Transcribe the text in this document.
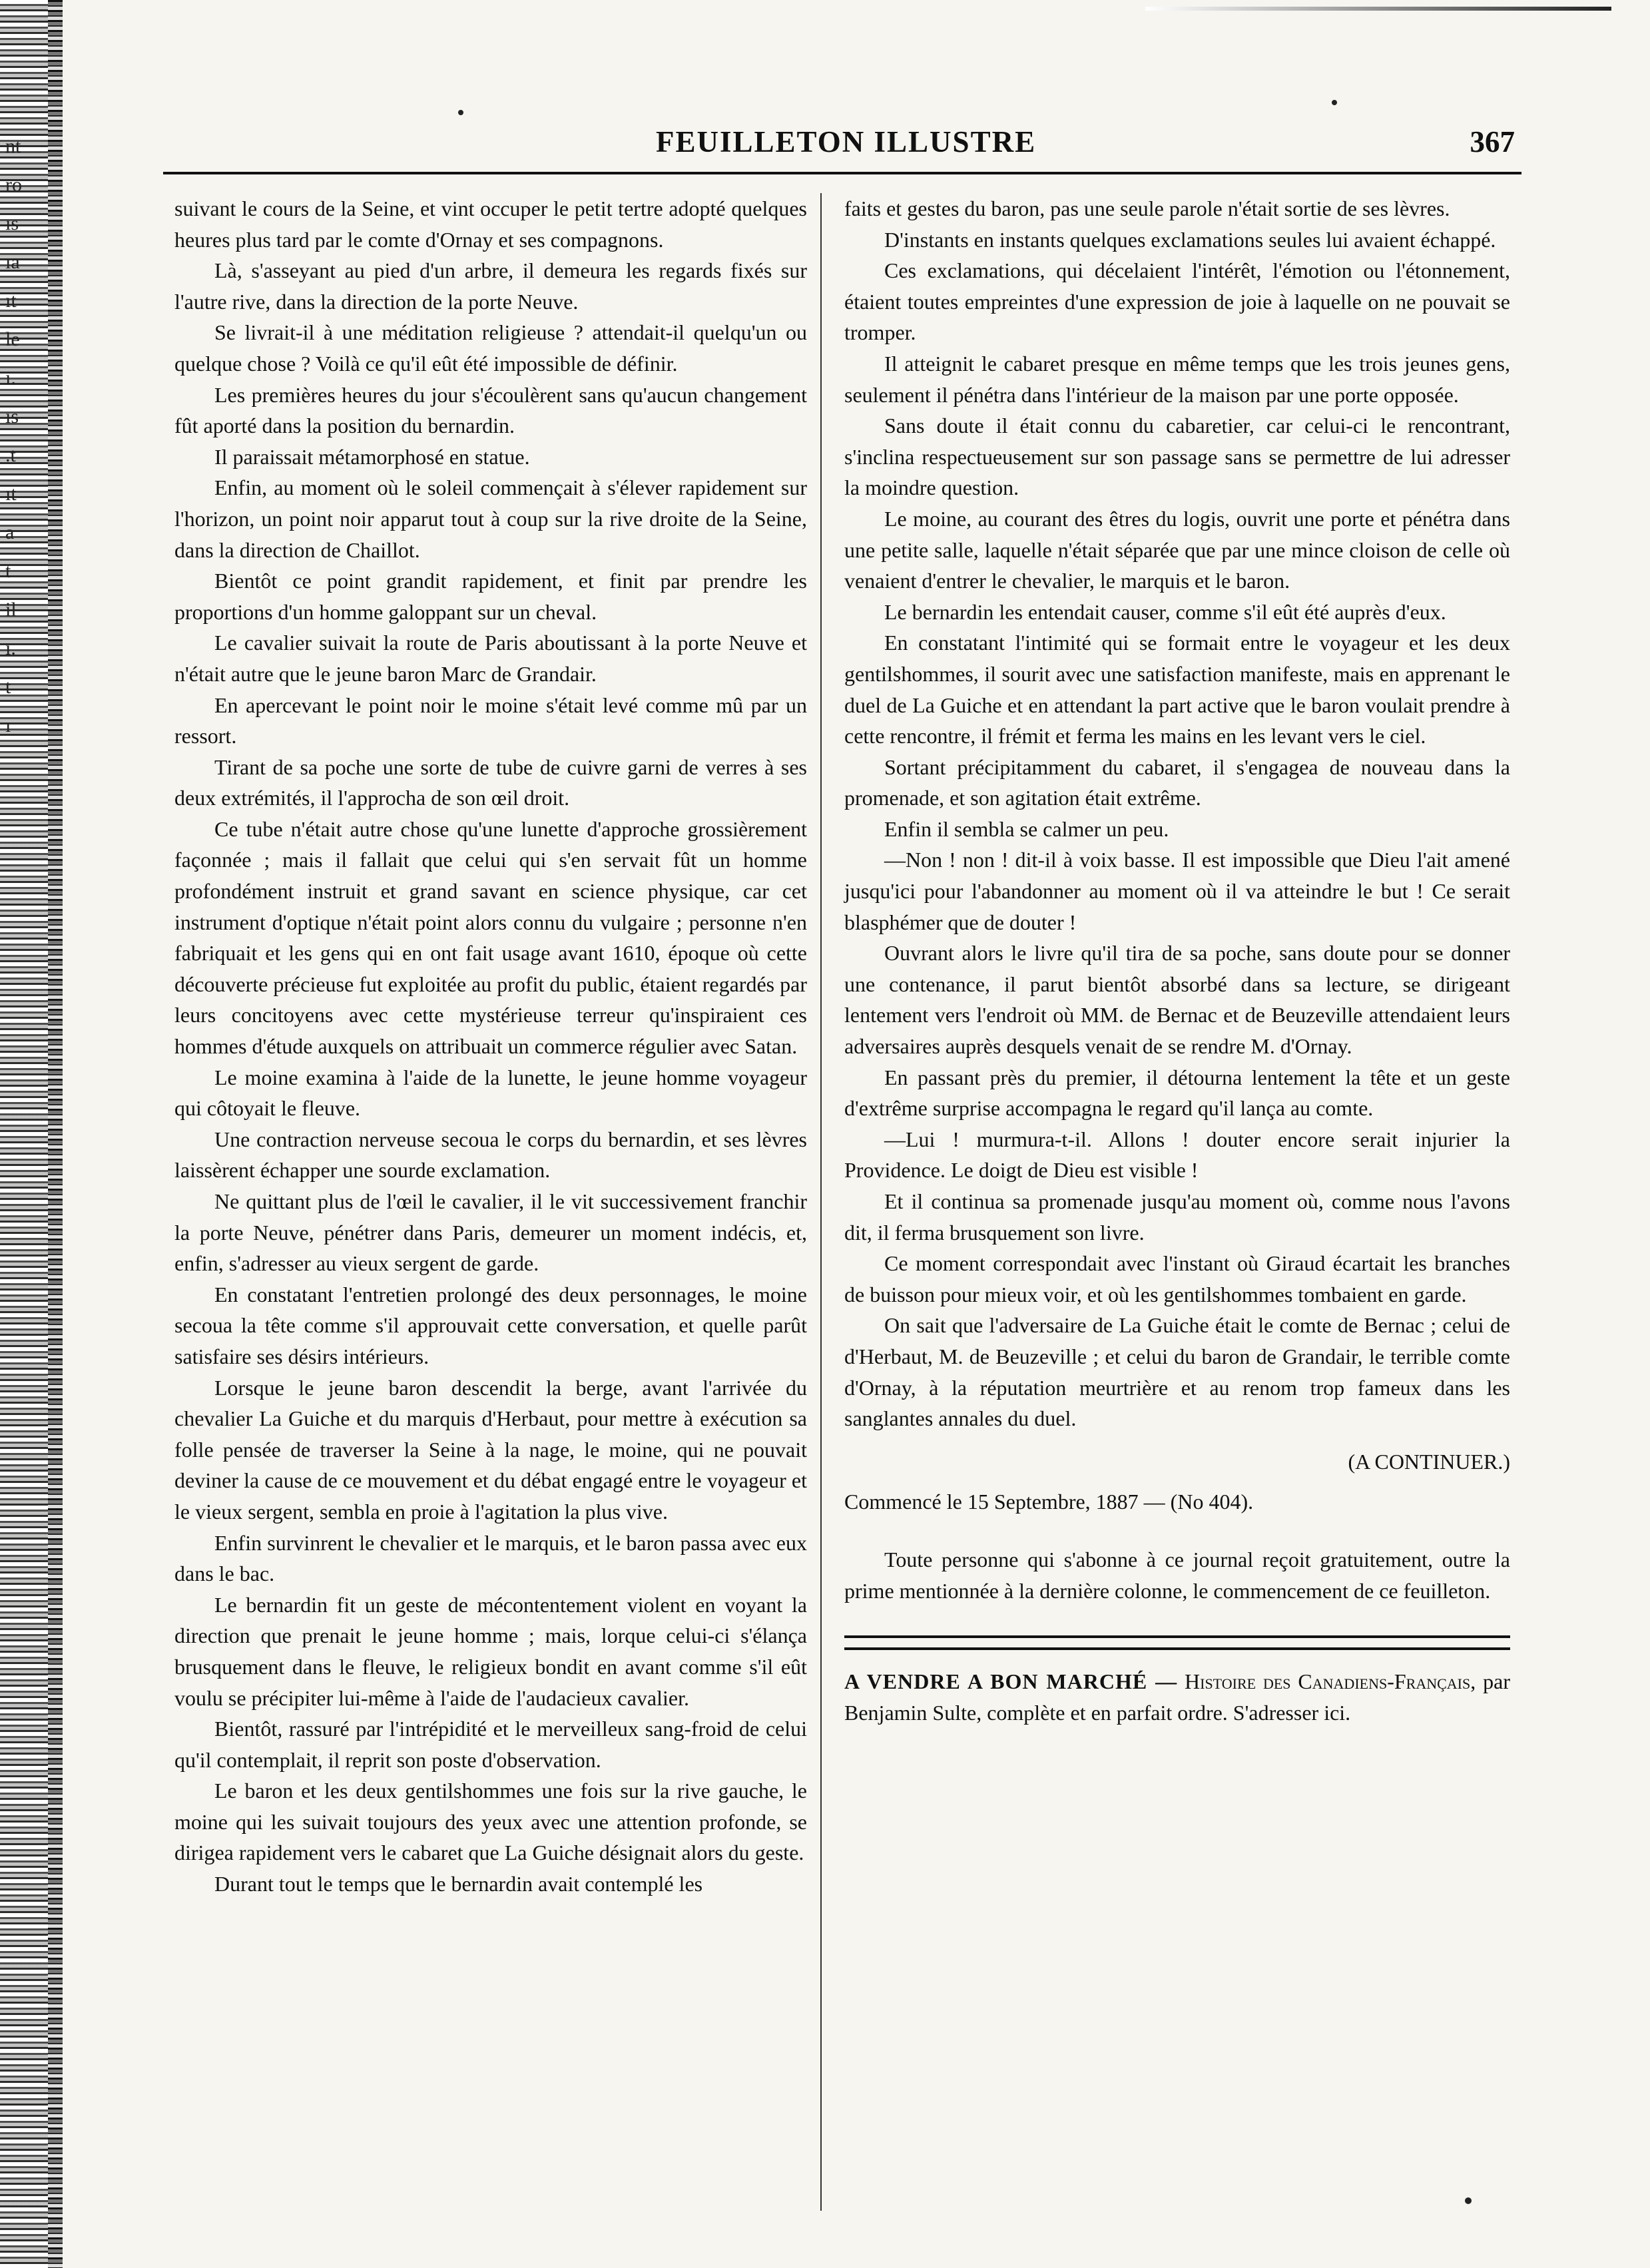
nt
ro
ıs
ıa
ıt
le
ı.
ıs
.t
ıt
a
t
il
ı.
t
ı
FEUILLETON ILLUSTRE	367

suivant le cours de la Seine, et vint occuper le petit tertre adopté quelques heures plus tard par le comte d'Ornay et ses compagnons.

Là, s'asseyant au pied d'un arbre, il demeura les regards fixés sur l'autre rive, dans la direction de la porte Neuve.

Se livrait-il à une méditation religieuse ? attendait-il quelqu'un ou quelque chose ? Voilà ce qu'il eût été impossible de définir.

Les premières heures du jour s'écoulèrent sans qu'aucun changement fût aporté dans la position du bernardin.

Il paraissait métamorphosé en statue.

Enfin, au moment où le soleil commençait à s'élever rapidement sur l'horizon, un point noir apparut tout à coup sur la rive droite de la Seine, dans la direction de Chaillot.

Bientôt ce point grandit rapidement, et finit par prendre les proportions d'un homme galoppant sur un cheval.

Le cavalier suivait la route de Paris aboutissant à la porte Neuve et n'était autre que le jeune baron Marc de Grandair.

En apercevant le point noir le moine s'était levé comme mû par un ressort.

Tirant de sa poche une sorte de tube de cuivre garni de verres à ses deux extrémités, il l'approcha de son œil droit.

Ce tube n'était autre chose qu'une lunette d'approche grossièrement façonnée ; mais il fallait que celui qui s'en servait fût un homme profondément instruit et grand savant en science physique, car cet instrument d'optique n'était point alors connu du vulgaire ; personne n'en fabriquait et les gens qui en ont fait usage avant 1610, époque où cette découverte précieuse fut exploitée au profit du public, étaient regardés par leurs concitoyens avec cette mystérieuse terreur qu'inspiraient ces hommes d'étude auxquels on attribuait un commerce régulier avec Satan.

Le moine examina à l'aide de la lunette, le jeune homme voyageur qui côtoyait le fleuve.

Une contraction nerveuse secoua le corps du bernardin, et ses lèvres laissèrent échapper une sourde exclamation.

Ne quittant plus de l'œil le cavalier, il le vit successivement franchir la porte Neuve, pénétrer dans Paris, demeurer un moment indécis, et, enfin, s'adresser au vieux sergent de garde.

En constatant l'entretien prolongé des deux personnages, le moine secoua la tête comme s'il approuvait cette conversation, et quelle parût satisfaire ses désirs intérieurs.

Lorsque le jeune baron descendit la berge, avant l'arrivée du chevalier La Guiche et du marquis d'Herbaut, pour mettre à exécution sa folle pensée de traverser la Seine à la nage, le moine, qui ne pouvait deviner la cause de ce mouvement et du débat engagé entre le voyageur et le vieux sergent, sembla en proie à l'agitation la plus vive.

Enfin survinrent le chevalier et le marquis, et le baron passa avec eux dans le bac.

Le bernardin fit un geste de mécontentement violent en voyant la direction que prenait le jeune homme ; mais, lorque celui-ci s'élança brusquement dans le fleuve, le religieux bondit en avant comme s'il eût voulu se précipiter lui-même à l'aide de l'audacieux cavalier.

Bientôt, rassuré par l'intrépidité et le merveilleux sang-froid de celui qu'il contemplait, il reprit son poste d'observation.

Le baron et les deux gentilshommes une fois sur la rive gauche, le moine qui les suivait toujours des yeux avec une attention profonde, se dirigea rapidement vers le cabaret que La Guiche désignait alors du geste.

Durant tout le temps que le bernardin avait contemplé les

faits et gestes du baron, pas une seule parole n'était sortie de ses lèvres.

D'instants en instants quelques exclamations seules lui avaient échappé.

Ces exclamations, qui décelaient l'intérêt, l'émotion ou l'étonnement, étaient toutes empreintes d'une expression de joie à laquelle on ne pouvait se tromper.

Il atteignit le cabaret presque en même temps que les trois jeunes gens, seulement il pénétra dans l'intérieur de la maison par une porte opposée.

Sans doute il était connu du cabaretier, car celui-ci le rencontrant, s'inclina respectueusement sur son passage sans se permettre de lui adresser la moindre question.

Le moine, au courant des êtres du logis, ouvrit une porte et pénétra dans une petite salle, laquelle n'était séparée que par une mince cloison de celle où venaient d'entrer le chevalier, le marquis et le baron.

Le bernardin les entendait causer, comme s'il eût été auprès d'eux.

En constatant l'intimité qui se formait entre le voyageur et les deux gentilshommes, il sourit avec une satisfaction manifeste, mais en apprenant le duel de La Guiche et en attendant la part active que le baron voulait prendre à cette rencontre, il frémit et ferma les mains en les levant vers le ciel.

Sortant précipitamment du cabaret, il s'engagea de nouveau dans la promenade, et son agitation était extrême.

Enfin il sembla se calmer un peu.

—Non ! non ! dit-il à voix basse. Il est impossible que Dieu l'ait amené jusqu'ici pour l'abandonner au moment où il va atteindre le but ! Ce serait blasphémer que de douter !

Ouvrant alors le livre qu'il tira de sa poche, sans doute pour se donner une contenance, il parut bientôt absorbé dans sa lecture, se dirigeant lentement vers l'endroit où MM. de Bernac et de Beuzeville attendaient leurs adversaires auprès desquels venait de se rendre M. d'Ornay.

En passant près du premier, il détourna lentement la tête et un geste d'extrême surprise accompagna le regard qu'il lança au comte.

—Lui ! murmura-t-il. Allons ! douter encore serait injurier la Providence. Le doigt de Dieu est visible !

Et il continua sa promenade jusqu'au moment où, comme nous l'avons dit, il ferma brusquement son livre.

Ce moment correspondait avec l'instant où Giraud écartait les branches de buisson pour mieux voir, et où les gentilshommes tombaient en garde.

On sait que l'adversaire de La Guiche était le comte de Bernac ; celui de d'Herbaut, M. de Beuzeville ; et celui du baron de Grandair, le terrible comte d'Ornay, à la réputation meurtrière et au renom trop fameux dans les sanglantes annales du duel.

(A CONTINUER.)

Commencé le 15 Septembre, 1887 — (No 404).

Toute personne qui s'abonne à ce journal reçoit gratuitement, outre la prime mentionnée à la dernière colonne, le commencement de ce feuilleton.

A VENDRE A BON MARCHÉ — Histoire des Canadiens-Français, par Benjamin Sulte, complète et en parfait ordre. S'adresser ici.
